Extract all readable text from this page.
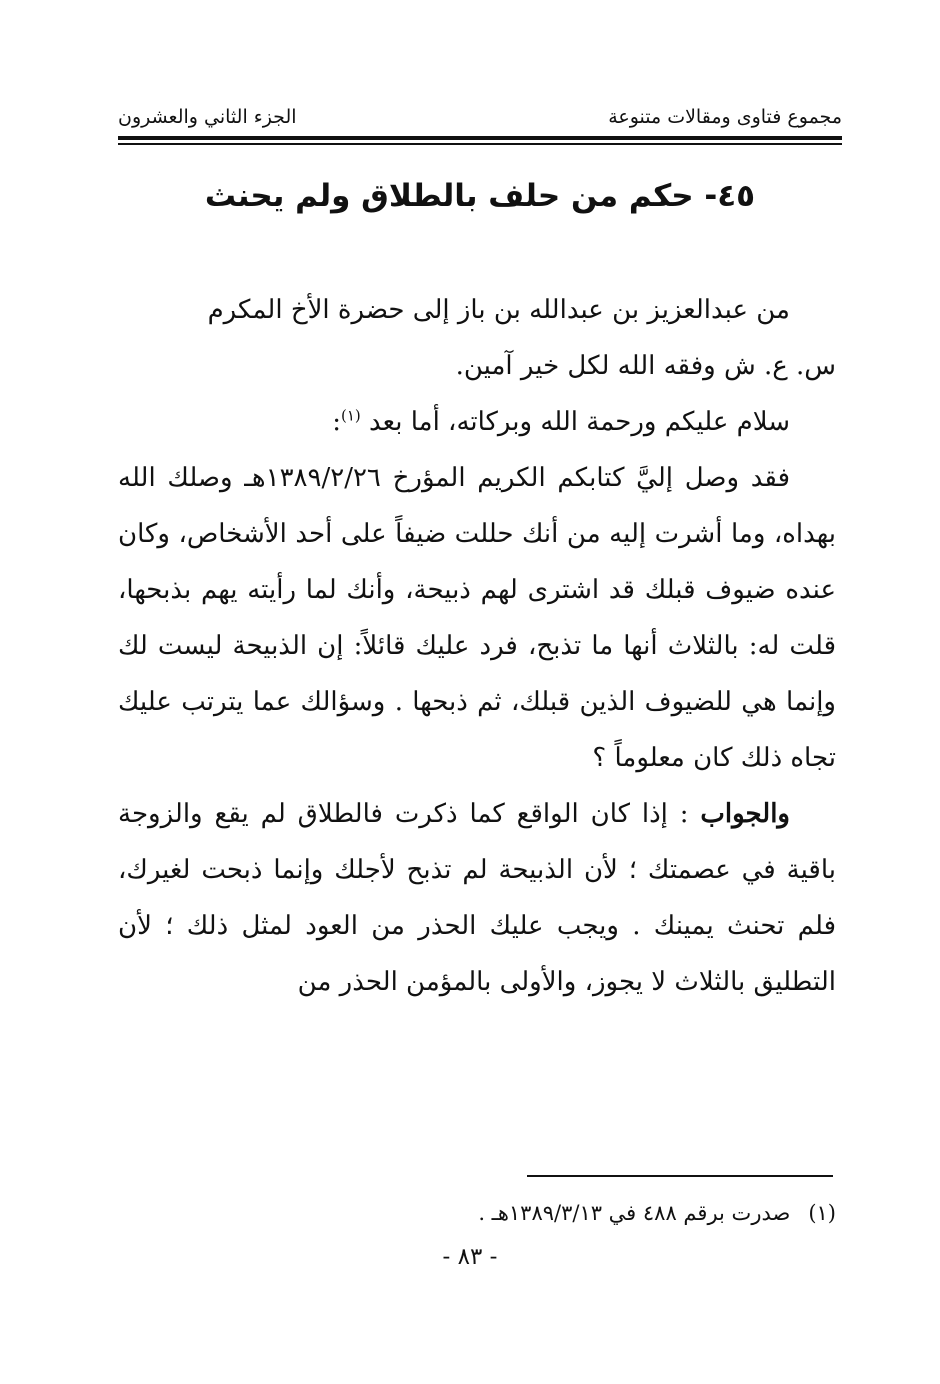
مجموع فتاوى ومقالات متنوعة
الجزء الثاني والعشرون
٤٥- حكم من حلف بالطلاق ولم يحنث

من عبدالعزيز بن عبدالله بن باز إلى حضرة الأخ المكرم

س. ع. ش وفقه الله لكل خير آمين.

سلام عليكم ورحمة الله وبركاته، أما بعد $^{(١)}$:

فقد وصل إليَّ كتابكم الكريم المؤرخ ١٣٨٩/٢/٢٦هـ وصلك الله بهداه، وما أشرت إليه من أنك حللت ضيفاً على أحد الأشخاص، وكان عنده ضيوف قبلك قد اشترى لهم ذبيحة، وأنك لما رأيته يهم بذبحها، قلت له: بالثلاث أنها ما تذبح، فرد عليك قائلاً: إن الذبيحة ليست لك وإنما هي للضيوف الذين قبلك، ثم ذبحها . وسؤالك عما يترتب عليك تجاه ذلك كان معلوماً ؟

والجواب : إذا كان الواقع كما ذكرت فالطلاق لم يقع والزوجة باقية في عصمتك ؛ لأن الذبيحة لم تذبح لأجلك وإنما ذبحت لغيرك، فلم تحنث يمينك . ويجب عليك الحذر من العود لمثل ذلك ؛ لأن التطليق بالثلاث لا يجوز، والأولى بالمؤمن الحذر من

(١)
صدرت برقم ٤٨٨ في ١٣٨٩/٣/١٣هـ .
- ٨٣ -
